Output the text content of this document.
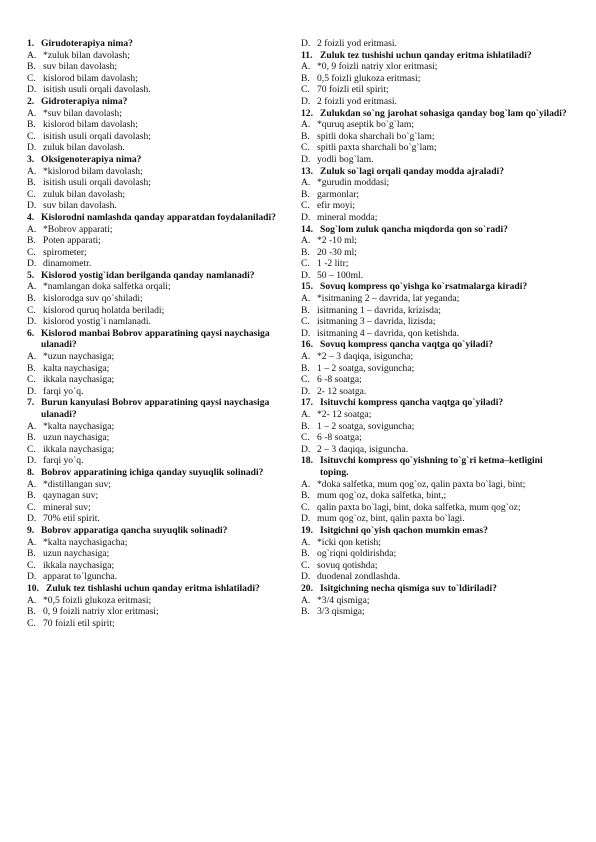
1. Girudoterapiya nima?
A. *zuluk bilan davolash;
B. suv bilan davolash;
C. kislorod bilam davolash;
D. isitish usuli orqali davolash.
2. Gidroterapiya nima?
A. *suv bilan davolash;
B. kislorod bilam davolash;
C. isitish usuli orqali davolash;
D. zuluk bilan davolash.
3. Oksigenoterapiya nima?
A. *kislorod bilam davolash;
B. isitish usuli orqali davolash;
C. zuluk bilan davolash;
D. suv bilan davolash.
4. Kislorodni namlashda qanday apparatdan foydalaniladi?
A. *Bobrov apparati;
B. Poten apparati;
C. spirometer;
D. dinamometr.
5. Kislorod yostig`idan berilganda qanday namlanadi?
A. *namlangan doka salfetka orqali;
B. kislorodga suv qo`shiladi;
C. kislorod quruq holatda beriladi;
D. kislorod yostig`i namlanadi.
6. Kislorod manbai Bobrov apparatining qaysi naychasiga ulanadi?
A. *uzun naychasiga;
B. kalta naychasiga;
C. ikkala naychasiga;
D. farqi yo`q.
7. Burun kanyulasi Bobrov apparatining qaysi naychasiga ulanadi?
A. *kalta naychasiga;
B. uzun naychasiga;
C. ikkala naychasiga;
D. farqi yo`q.
8. Bobrov apparatining ichiga qanday suyuqlik solinadi?
A. *distillangan suv;
B. qaynagan suv;
C. mineral suv;
D. 70% etil spirit.
9. Bobrov apparatiga qancha suyuqlik solinadi?
A. *kalta naychasigacha;
B. uzun naychasiga;
C. ikkala naychasiga;
D. apparat to`lguncha.
10. Zuluk tez tishlashi uchun qanday eritma ishlatiladi?
A. *0,5 foizli glukoza eritmasi;
B. 0, 9 foizli natriy xlor eritmasi;
C. 70 foizli etil spirit;
D. 2 foizli yod eritmasi.
11. Zuluk tez tushishi uchun qanday eritma ishlatiladi?
A. *0, 9 foizli natriy xlor eritmasi;
B. 0,5 foizli glukoza eritmasi;
C. 70 foizli etil spirit;
D. 2 foizli yod eritmasi.
12. Zulukdan so`ng jarohat sohasiga qanday bog`lam qo`yiladi?
A. *quruq aseptik bo`g`lam;
B. spitli doka sharchali bo`g`lam;
C. spitli paxta sharchali bo`g`lam;
D. yodli bog`lam.
13. Zuluk so`lagi orqali qanday modda ajraladi?
A. *gurudin moddasi;
B. garmonlar;
C. efir moyi;
D. mineral modda;
14. Sog`lom zuluk qancha miqdorda qon so`radi?
A. *2 -10 ml;
B. 20 -30 ml;
C. 1 -2 litr;
D. 50 – 100ml.
15. Sovuq kompress qo`yishga ko`rsatmalarga kiradi?
A. *isitmaning 2 – davrida, lat yeganda;
B. isitmaning 1 – davrida, krizisda;
C. isitmaning 3 – davrida, lizisda;
D. isitmaning 4 – davrida, qon ketishda.
16. Sovuq kompress qancha vaqtga qo`yiladi?
A. *2 – 3 daqiqa, isiguncha;
B. 1 – 2 soatga, soviguncha;
C. 6 -8 soatga;
D. 2- 12 soatga.
17. Isituvchi kompress qancha vaqtga qo`yiladi?
A. *2- 12 soatga;
B. 1 – 2 soatga, soviguncha;
C. 6 -8 soatga;
D. 2 – 3 daqiqa, isiguncha.
18. Isituvchi kompress qo`yishning to`g`ri ketma–ketligini toping.
A. *doka salfetka, mum qog`oz, qalin paxta bo`lagi, bint;
B. mum qog`oz, doka salfetka, bint,;
C. qalin paxta bo`lagi, bint, doka salfetka, mum qog`oz;
D. mum qog`oz, bint, qalin paxta bo`lagi.
19. Isitgichni qo`yish qachon mumkin emas?
A. *icki qon ketish;
B. og`riqni qoldirishda;
C. sovuq qotishda;
D. duodenal zondlashda.
20. Isitgichning necha qismiga suv to`ldiriladi?
A. *3/4 qismiga;
B. 3/3 qismiga;
